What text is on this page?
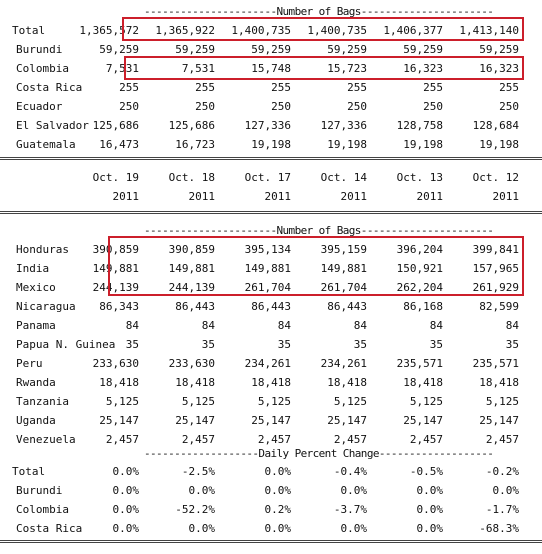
----------------------Number of Bags----------------------
Total	1,365,572	1,365,922	1,400,735	1,400,735	1,406,377	1,413,140
Burundi	59,259	59,259	59,259	59,259	59,259	59,259
Colombia	7,531	7,531	15,748	15,723	16,323	16,323
Costa Rica	255	255	255	255	255	255
Ecuador	250	250	250	250	250	250
El Salvador 125,686	125,686	127,336	127,336	128,758	128,684
Guatemala	16,473	16,723	19,198	19,198	19,198	19,198
Oct. 19	Oct. 18	Oct. 17	Oct. 14	Oct. 13	Oct. 12
2011	2011	2011	2011	2011	2011
----------------------Number of Bags----------------------
Honduras	390,859	390,859	395,134	395,159	396,204	399,841
India	149,881	149,881	149,881	149,881	150,921	157,965
Mexico	244,139	244,139	261,704	261,704	262,204	261,929
Nicaragua	86,343	86,443	86,443	86,443	86,168	82,599
Panama	84	84	84	84	84	84
Papua N. Guinea 35	35	35	35	35	35
Peru	233,630	233,630	234,261	234,261	235,571	235,571
Rwanda	18,418	18,418	18,418	18,418	18,418	18,418
Tanzania	5,125	5,125	5,125	5,125	5,125	5,125
Uganda	25,147	25,147	25,147	25,147	25,147	25,147
Venezuela	2,457	2,457	2,457	2,457	2,457	2,457
-------------------Daily Percent Change-------------------
Total	0.0%	-2.5%	0.0%	-0.4%	-0.5%	-0.2%
Burundi	0.0%	0.0%	0.0%	0.0%	0.0%	0.0%
Colombia	0.0%	-52.2%	0.2%	-3.7%	0.0%	-1.7%
Costa Rica	0.0%	0.0%	0.0%	0.0%	0.0%	-68.3%
